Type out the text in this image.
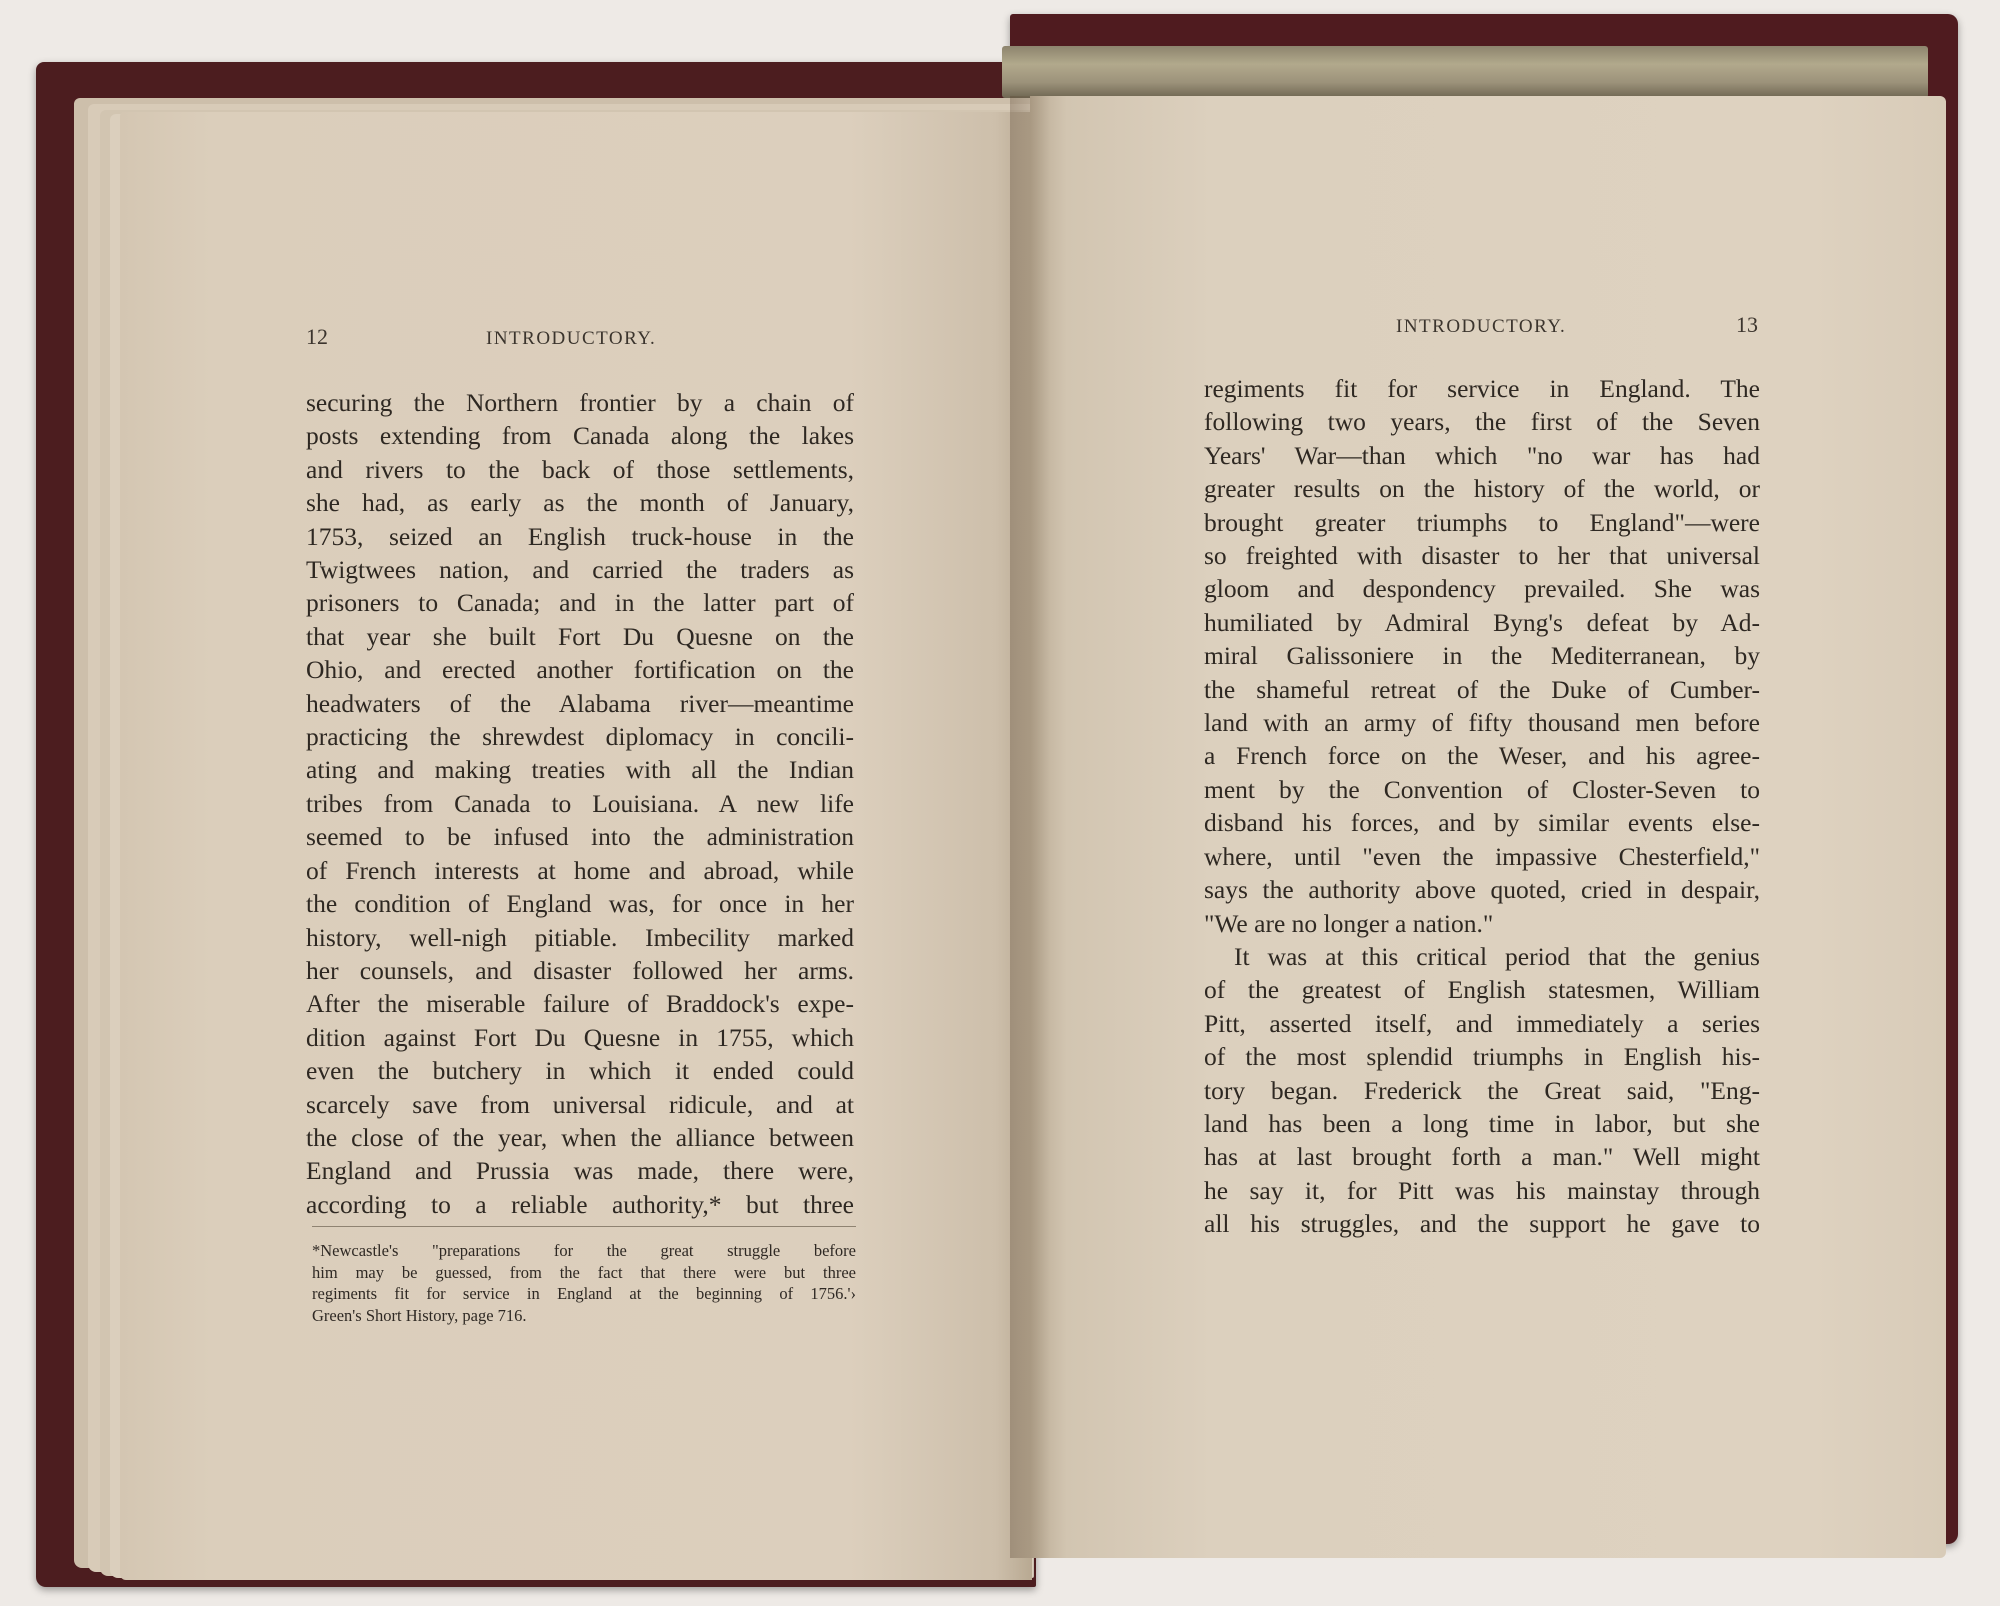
12	INTRODUCTORY.
securing the Northern frontier by a chain of
posts extending from Canada along the lakes
and rivers to the back of those settlements,
she had, as early as the month of January,
1753, seized an English truck-house in the
Twigtwees nation, and carried the traders as
prisoners to Canada; and in the latter part of
that year she built Fort Du Quesne on the
Ohio, and erected another fortification on the
headwaters of the Alabama river—meantime
practicing the shrewdest diplomacy in concili-
ating and making treaties with all the Indian
tribes from Canada to Louisiana. A new life
seemed to be infused into the administration
of French interests at home and abroad, while
the condition of England was, for once in her
history, well-nigh pitiable. Imbecility marked
her counsels, and disaster followed her arms.
After the miserable failure of Braddock's expe-
dition against Fort Du Quesne in 1755, which
even the butchery in which it ended could
scarcely save from universal ridicule, and at
the close of the year, when the alliance between
England and Prussia was made, there were,
according to a reliable authority,* but three
*Newcastle's "preparations for the great struggle before
him may be guessed, from the fact that there were but three
regiments fit for service in England at the beginning of 1756.'›
Green's Short History, page 716.
INTRODUCTORY.	13
regiments fit for service in England. The
following two years, the first of the Seven
Years' War—than which "no war has had
greater results on the history of the world, or
brought greater triumphs to England"—were
so freighted with disaster to her that universal
gloom and despondency prevailed. She was
humiliated by Admiral Byng's defeat by Ad-
miral Galissoniere in the Mediterranean, by
the shameful retreat of the Duke of Cumber-
land with an army of fifty thousand men before
a French force on the Weser, and his agree-
ment by the Convention of Closter-Seven to
disband his forces, and by similar events else-
where, until "even the impassive Chesterfield,"
says the authority above quoted, cried in despair,
"We are no longer a nation."
It was at this critical period that the genius
of the greatest of English statesmen, William
Pitt, asserted itself, and immediately a series
of the most splendid triumphs in English his-
tory began. Frederick the Great said, "Eng-
land has been a long time in labor, but she
has at last brought forth a man." Well might
he say it, for Pitt was his mainstay through
all his struggles, and the support he gave to
